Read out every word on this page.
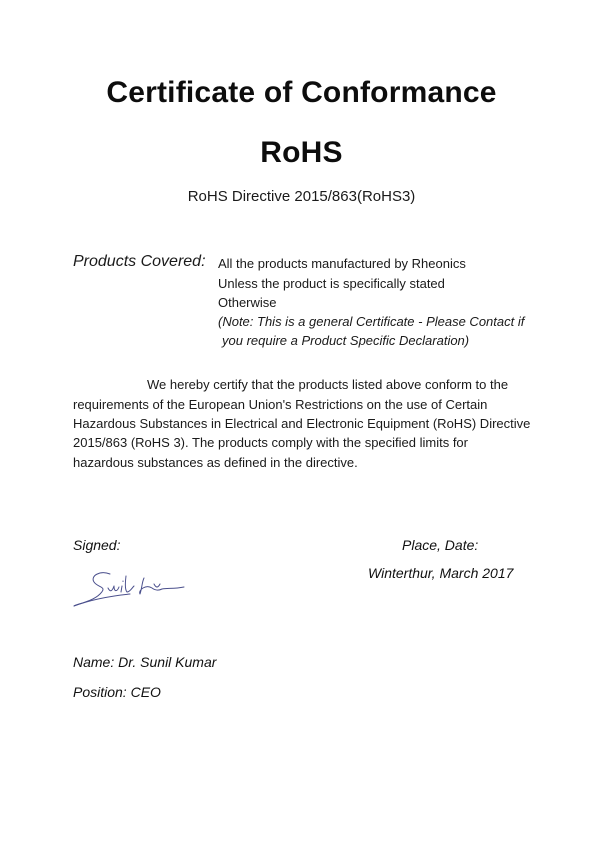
Certificate of Conformance
RoHS
RoHS Directive 2015/863(RoHS3)
Products Covered: All the products manufactured by Rheonics
Unless the product is specifically stated
Otherwise
(Note: This is a general Certificate - Please Contact if
you require a Product Specific Declaration)
We hereby certify that the products listed above conform to the
requirements of the European Union's Restrictions on the use of Certain
Hazardous Substances in Electrical and Electronic Equipment (RoHS) Directive
2015/863 (RoHS 3). The products comply with the specified limits for
hazardous substances as defined in the directive.
Signed:	Place, Date:
Winterthur, March 2017
Name: Dr. Sunil Kumar
Position: CEO
